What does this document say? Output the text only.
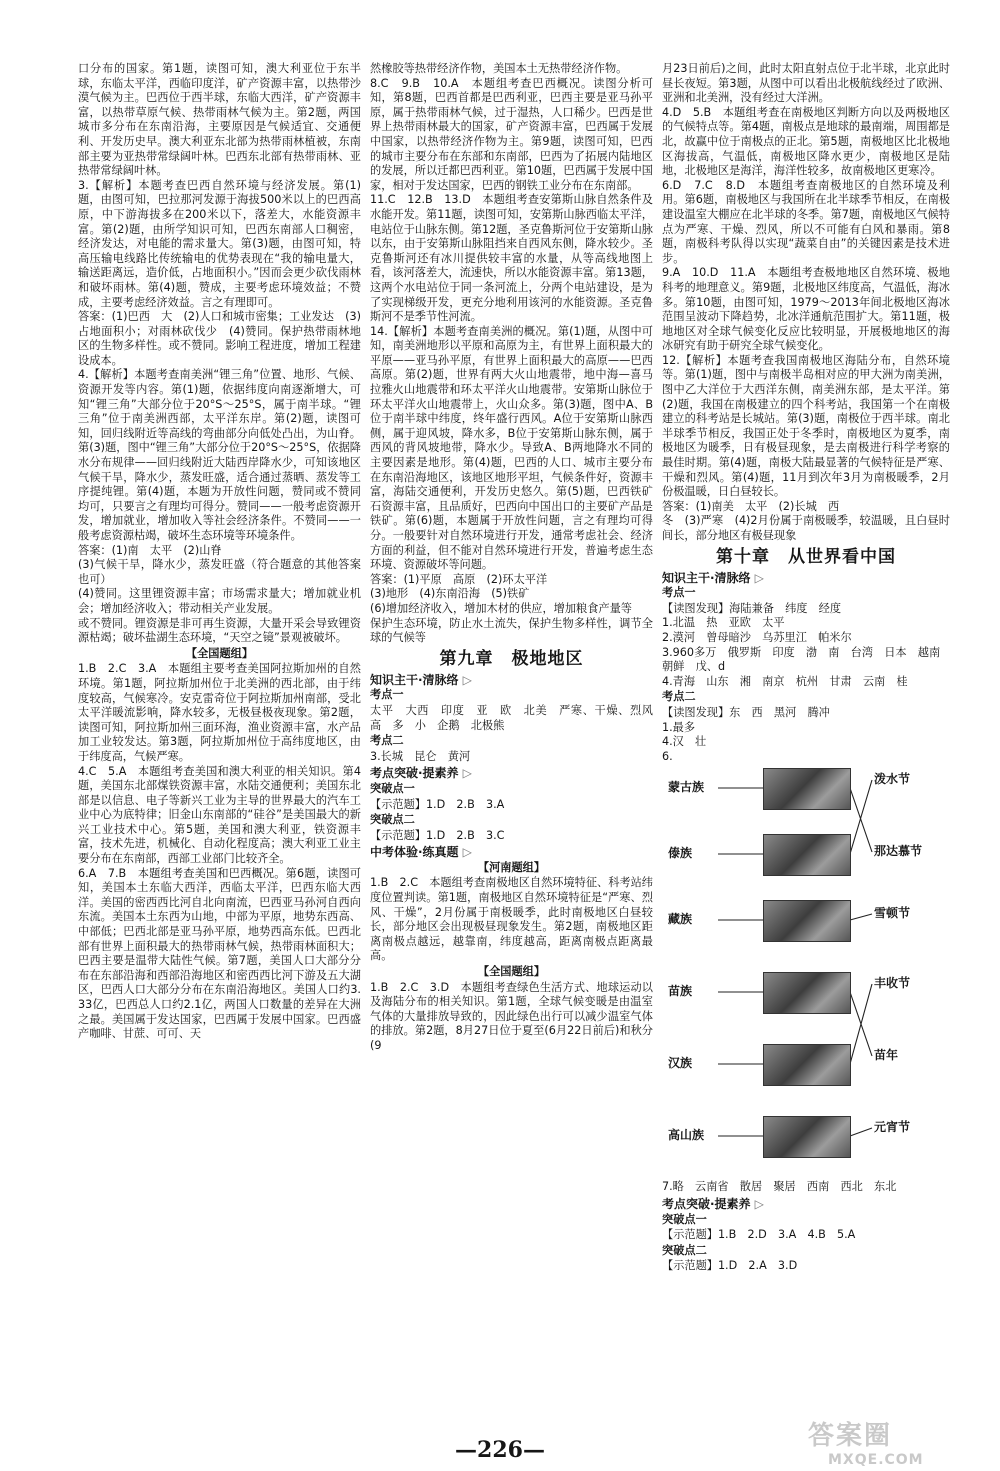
口分布的国家。第1题，读图可知，澳大利亚位于东半球，东临太平洋，西临印度洋，矿产资源丰富，以热带沙漠气候为主。巴西位于西半球，东临大西洋，矿产资源丰富，以热带草原气候、热带雨林气候为主。第2题，两国城市多分布在东南沿海，主要原因是气候适宜、交通便利、开发历史早。澳大利亚东北部为热带雨林植被，东南部主要为亚热带常绿阔叶林。巴西东北部有热带雨林、亚热带常绿阔叶林。

3.【解析】本题考查巴西自然环境与经济发展。第(1)题，由图可知，巴拉那河发源于海拔500米以上的巴西高原，中下游海拔多在200米以下，落差大，水能资源丰富。第(2)题，由所学知识可知，巴西东南部人口稠密，经济发达，对电能的需求量大。第(3)题，由图可知，特高压输电线路比传统输电的优势表现在“我的输电量大，输送距离远，造价低，占地面积小。”因而会更少砍伐雨林和破坏雨林。第(4)题，赞成，主要考虑环境效益；不赞成，主要考虑经济效益。言之有理即可。

答案：(1)巴西　大　(2)人口和城市密集；工业发达　(3)占地面积小；对雨林砍伐少　(4)赞同。保护热带雨林地区的生物多样性。或不赞同。影响工程进度，增加工程建设成本。

4.【解析】本题考查南美洲“锂三角”位置、地形、气候、资源开发等内容。第(1)题，依据纬度向南逐渐增大，可知“锂三角”大部分位于20°S～25°S，属于南半球。“锂三角”位于南美洲西部，太平洋东岸。第(2)题，读图可知，回归线附近等高线的弯曲部分向低处凸出，为山脊。第(3)题，图中“锂三角”大部分位于20°S～25°S，依据降水分布规律——回归线附近大陆西岸降水少，可知该地区气候干旱，降水少，蒸发旺盛，适合通过蒸晒、蒸发等工序提纯锂。第(4)题，本题为开放性问题，赞同或不赞同均可，只要言之有理均可得分。赞同——一般考虑资源开发，增加就业，增加收入等社会经济条件。不赞同——一般考虑资源枯竭，破坏生态环境等环境条件。

答案：(1)南　太平　(2)山脊

(3)气候干旱，降水少，蒸发旺盛（符合题意的其他答案也可）

(4)赞同。这里锂资源丰富；市场需求量大；增加就业机会；增加经济收入；带动相关产业发展。

或不赞同。锂资源是非可再生资源，大量开采会导致锂资源枯竭；破坏盐湖生态环境，“天空之镜”景观被破坏。

【全国题组】

1.B　2.C　3.A　本题组主要考查美国阿拉斯加州的自然环境。第1题，阿拉斯加州位于北美洲的西北部，由于纬度较高，气候寒冷。安克雷奇位于阿拉斯加州南部，受北太平洋暖流影响，降水较多，无极昼极夜现象。第2题，读图可知，阿拉斯加州三面环海，渔业资源丰富，水产品加工业较发达。第3题，阿拉斯加州位于高纬度地区，由于纬度高，气候严寒。

4.C　5.A　本题组考查美国和澳大利亚的相关知识。第4题，美国东北部煤铁资源丰富，水陆交通便利；美国东北部是以信息、电子等新兴工业为主导的世界最大的汽车工业中心为底特律；旧金山东南部的“硅谷”是美国最大的新兴工业技术中心。第5题，美国和澳大利亚，铁资源丰富，技术先进，机械化、自动化程度高；澳大利亚工业主要分布在东南部，西部工业部门比较齐全。

6.A　7.B　本题组考查美国和巴西概况。第6题，读图可知，美国本土东临大西洋，西临太平洋，巴西东临大西洋。美国的密西西比河自北向南流，巴西亚马孙河自西向东流。美国本土东西为山地，中部为平原，地势东西高、中部低；巴西北部是亚马孙平原，地势西高东低。巴西北部有世界上面积最大的热带雨林气候，热带雨林面积大；巴西主要是温带大陆性气候。第7题，美国人口大部分分布在东部沿海和西部沿海地区和密西西比河下游及五大湖区，巴西人口大部分分布在东南沿海地区。美国人口约3.33亿，巴西总人口约2.1亿，两国人口数量的差异在大洲之最。美国属于发达国家，巴西属于发展中国家。巴西盛产咖啡、甘蔗、可可、天

然橡胶等热带经济作物，美国本土无热带经济作物。

8.C　9.B　10.A　本题组考查巴西概况。读图分析可知，第8题，巴西首都是巴西利亚，巴西主要是亚马孙平原，属于热带雨林气候，过于湿热，人口稀少。巴西是世界上热带雨林最大的国家，矿产资源丰富，巴西属于发展中国家，以热带经济作物为主。第9题，读图可知，巴西的城市主要分布在东部和东南部，巴西为了拓展内陆地区的发展，所以迁都巴西利亚。第10题，巴西属于发展中国家，相对于发达国家，巴西的钢铁工业分布在东南部。

11.C　12.B　13.D　本题组考查安第斯山脉自然条件及水能开发。第11题，读图可知，安第斯山脉西临太平洋，电站位于山脉东侧。第12题，圣克鲁斯河位于安第斯山脉以东，由于安第斯山脉阻挡来自西风东侧，降水较少。圣克鲁斯河还有冰川提供较丰富的水量，从等高线地图上看，该河落差大，流速快，所以水能资源丰富。第13题，这两个水电站位于同一条河流上，分两个电站建设，是为了实现梯级开发，更充分地利用该河的水能资源。圣克鲁斯河不是季节性河流。

14.【解析】本题考查南美洲的概况。第(1)题，从图中可知，南美洲地形以平原和高原为主，有世界上面积最大的平原——亚马孙平原，有世界上面积最大的高原——巴西高原。第(2)题，世界有两大火山地震带，地中海—喜马拉雅火山地震带和环太平洋火山地震带。安第斯山脉位于环太平洋火山地震带上，火山众多。第(3)题，图中A、B位于南半球中纬度，终年盛行西风。A位于安第斯山脉西侧，属于迎风坡，降水多，B位于安第斯山脉东侧，属于西风的背风坡地带，降水少。导致A、B两地降水不同的主要因素是地形。第(4)题，巴西的人口、城市主要分布在东南沿海地区，该地区地形平坦，气候条件好，资源丰富，海陆交通便利，开发历史悠久。第(5)题，巴西铁矿石资源丰富，且品质好，巴西向中国出口的主要矿产品是铁矿。第(6)题，本题属于开放性问题，言之有理均可得分。一般要针对自然环境进行开发，通常考虑社会、经济方面的利益，但不能对自然环境进行开发，普遍考虑生态环境、资源破坏等问题。

答案：(1)平原　高原　(2)环太平洋

(3)地形　(4)东南沿海　(5)铁矿

(6)增加经济收入，增加木材的供应，增加粮食产量等

保护生态环境，防止水土流失，保护生物多样性，调节全球的气候等

第九章　极地地区
知识主干·清脉络 ▷
考点一

太平　大西　印度　亚　欧　北美　严寒、干燥、烈风　高　多　小　企鹅　北极熊

考点二

3.长城　昆仑　黄河

考点突破·提素养 ▷
突破点一

【示范题】1.D　2.B　3.A

突破点二

【示范题】1.D　2.B　3.C

中考体验·练真题 ▷
【河南题组】

1.B　2.C　本题组考查南极地区自然环境特征、科考站纬度位置判读。第1题，南极地区自然环境特征是“严寒、烈风、干燥”，2月份属于南极暖季，此时南极地区白昼较长，部分地区会出现极昼现象发生。第2题，南极地区距离南极点越远，越靠南，纬度越高，距离南极点距离最高。

【全国题组】

1.B　2.C　3.D　本题组考查绿色生活方式、地球运动以及海陆分布的相关知识。第1题，全球气候变暖是由温室气体的大量排放导致的，因此绿色出行可以减少温室气体的排放。第2题，8月27日位于夏至(6月22日前后)和秋分(9

月23日前后)之间，此时太阳直射点位于北半球，北京此时昼长夜短。第3题，从图中可以看出北极航线经过了欧洲、亚洲和北美洲，没有经过大洋洲。

4.D　5.B　本题组考查在南极地区判断方向以及两极地区的气候特点等。第4题，南极点是地球的最南端，周围都是北，故赢中位于南极点的正北。第5题，南极地区比北极地区海拔高，气温低，南极地区降水更少，南极地区是陆地，北极地区是海洋，海洋性较多，故南极地区更寒冷。

6.D　7.C　8.D　本题组考查南极地区的自然环境及利用。第6题，南极地区与我国所在北半球季节相反，在南极建设温室大棚应在北半球的冬季。第7题，南极地区气候特点为严寒、干燥、烈风，所以不可能有白风和暴雨。第8题，南极科考队得以实现“蔬菜自由”的关键因素是技术进步。

9.A　10.D　11.A　本题组考查极地地区自然环境、极地科考的地理意义。第9题，北极地区纬度高，气温低，海冰多。第10题，由图可知，1979～2013年间北极地区海冰范围呈波动下降趋势，北冰洋通航范围扩大。第11题，极地地区对全球气候变化反应比较明显，开展极地地区的海冰研究有助于研究全球气候变化。

12.【解析】本题考查我国南极地区海陆分布，自然环境等。第(1)题，图中与南极半岛相对应的甲大洲为南美洲，图中乙大洋位于大西洋东侧，南美洲东部，是太平洋。第(2)题，我国在南极建立的四个科考站，我国第一个在南极建立的科考站是长城站。第(3)题，南极位于西半球。南北半球季节相反，我国正处于冬季时，南极地区为夏季，南极地区为暖季，日有极昼现象，是去南极进行科学考察的最佳时期。第(4)题，南极大陆最显著的气候特征是严寒、干燥和烈风。第(4)题，11月到次年3月为南极暖季，2月份极温暖，日白昼较长。

答案：(1)南美　太平　(2)长城　西

冬　(3)严寒　(4)2月份属于南极暖季，较温暖，且白昼时间长，部分地区有极昼现象

第十章　从世界看中国
知识主干·清脉络 ▷
考点一

【读图发现】海陆兼备　纬度　经度

1.北温　热　亚欧　太平

2.漠河　曾母暗沙　乌苏里江　帕米尔

3.960多万　俄罗斯　印度　渤　南　台湾　日本　越南　朝鲜　戊、d

4.青海　山东　湘　南京　杭州　甘肃　云南　桂

考点二

【读图发现】东　西　黑河　腾冲

1.最多

4.汉　壮

6.

蒙古族
傣族
藏族
苗族
汉族
高山族
泼水节
那达慕节
雪顿节
丰收节
苗年
元宵节

7.略　云南省　散居　聚居　西南　西北　东北

考点突破·提素养 ▷
突破点一

【示范题】1.B　2.D　3.A　4.B　5.A

突破点二

【示范题】1.D　2.A　3.D

—226—	答案圈
MXQE.COM
